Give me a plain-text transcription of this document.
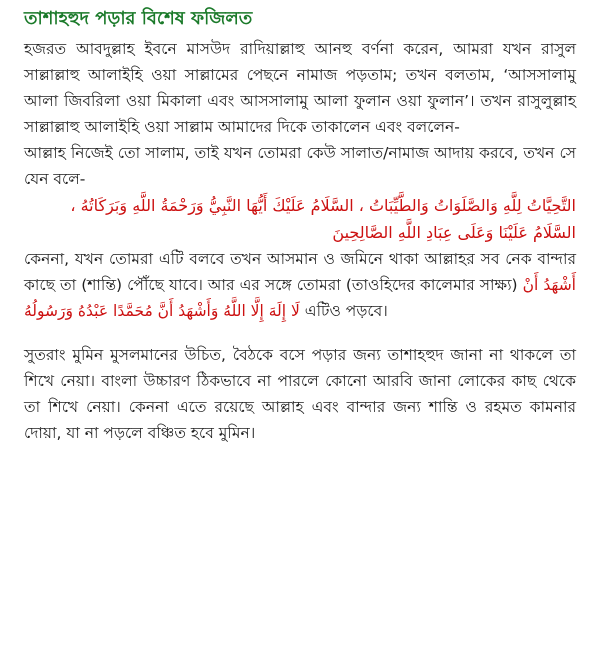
তাশাহহুদ পড়ার বিশেষ ফজিলত

হজরত আবদুল্লাহ ইবনে মাসউদ রাদিয়াল্লাহু আনহু বর্ণনা করেন, আমরা যখন রাসুল সাল্লাল্লাহু আলাইহি ওয়া সাল্লামের পেছনে নামাজ পড়তাম; তখন বলতাম, ‘আসসালামু আলা জিবরিলা ওয়া মিকালা এবং আসসালামু আলা ফুলান ওয়া ফুলান’। তখন রাসুলুল্লাহ সাল্লাল্লাহু আলাইহি ওয়া সাল্লাম আমাদের দিকে তাকালেন এবং বললেন-

আল্লাহ নিজেই তো সালাম, তাই যখন তোমরা কেউ সালাত/নামাজ আদায় করবে, তখন সে যেন বলে-

التَّحِيَّاتُ لِلَّهِ وَالصَّلَوَاتُ وَالطَّيِّبَاتُ ، السَّلَامُ عَلَيْكَ أَيُّهَا النَّبِيُّ وَرَحْمَةُ اللَّهِ وَبَرَكَاتُهُ ، السَّلَامُ عَلَيْنَا وَعَلَى عِبَادِ اللَّهِ الصَّالِحِينَ

কেননা, যখন তোমরা এটি বলবে তখন আসমান ও জমিনে থাকা আল্লাহর সব নেক বান্দার কাছে তা (শান্তি) পৌঁছে যাবে। আর এর সঙ্গে তোমরা (তাওহিদের কালেমার সাক্ষ্য) أَشْهَدُ أَنْ لَا إِلَهَ إِلَّا اللَّهُ وَأَشْهَدُ أَنَّ مُحَمَّدًا عَبْدُهُ وَرَسُولُهُ এটিও পড়বে।

সুতরাং মুমিন মুসলমানের উচিত, বৈঠকে বসে পড়ার জন্য তাশাহহুদ জানা না থাকলে তা শিখে নেয়া। বাংলা উচ্চারণ ঠিকভাবে না পারলে কোনো আরবি জানা লোকের কাছ থেকে তা শিখে নেয়া। কেননা এতে রয়েছে আল্লাহ এবং বান্দার জন্য শান্তি ও রহমত কামনার দোয়া, যা না পড়লে বঞ্চিত হবে মুমিন।
